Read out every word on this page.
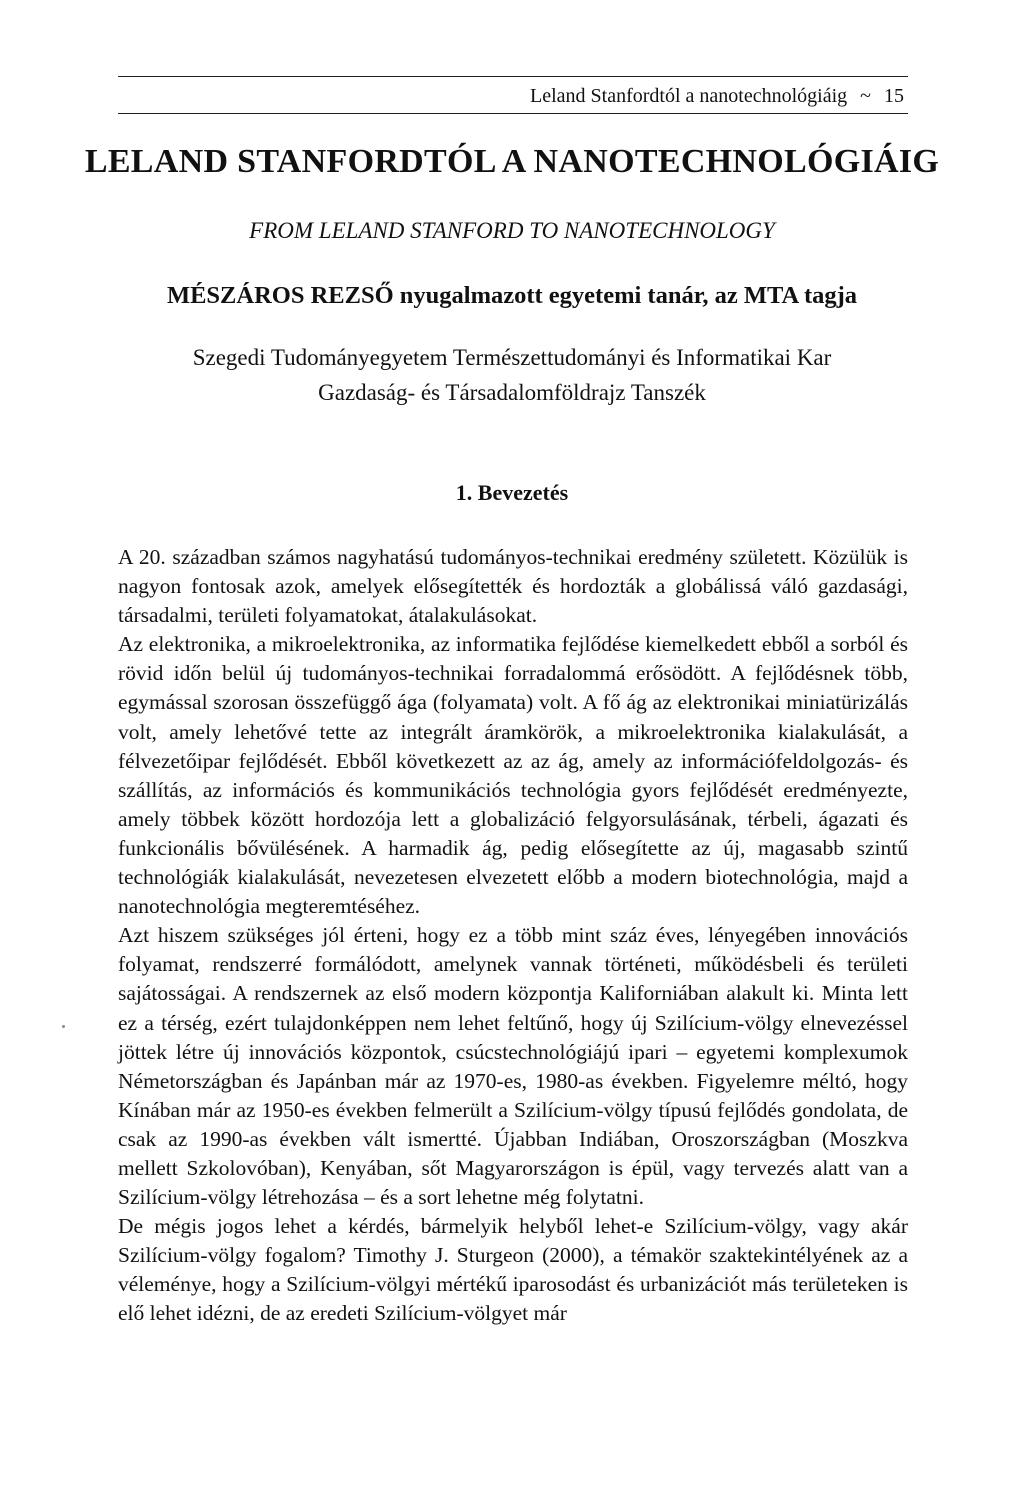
Leland Stanfordtól a nanotechnológiáig ~ 15
LELAND STANFORDTÓL A NANOTECHNOLÓGIÁIG
FROM LELAND STANFORD TO NANOTECHNOLOGY
MÉSZÁROS REZSŐ nyugalmazott egyetemi tanár, az MTA tagja
Szegedi Tudományegyetem Természettudományi és Informatikai Kar
Gazdaság- és Társadalomföldrajz Tanszék
1. Bevezetés

A 20. században számos nagyhatású tudományos-technikai eredmény született. Közülük is nagyon fontosak azok, amelyek elősegítették és hordozták a globálissá váló gazdasági, társadalmi, területi folyamatokat, átalakulásokat.

Az elektronika, a mikroelektronika, az informatika fejlődése kiemelkedett ebből a sorból és rövid időn belül új tudományos-technikai forradalommá erősödött. A fejlődésnek több, egymással szorosan összefüggő ága (folyamata) volt. A fő ág az elektronikai miniatürizálás volt, amely lehetővé tette az integrált áramkörök, a mikroelektronika kialakulását, a félvezetőipar fejlődését. Ebből következett az az ág, amely az információfeldolgozás- és szállítás, az információs és kommunikációs technológia gyors fejlődését eredményezte, amely többek között hordozója lett a globalizáció felgyorsulásának, térbeli, ágazati és funkcionális bővülésének. A harmadik ág, pedig elősegítette az új, magasabb szintű technológiák kialakulását, nevezetesen elvezetett előbb a modern biotechnológia, majd a nanotechnológia megteremtéséhez.

Azt hiszem szükséges jól érteni, hogy ez a több mint száz éves, lényegében innovációs folyamat, rendszerré formálódott, amelynek vannak történeti, működésbeli és területi sajátosságai. A rendszernek az első modern központja Kaliforniában alakult ki. Minta lett ez a térség, ezért tulajdonképpen nem lehet feltűnő, hogy új Szilícium-völgy elnevezéssel jöttek létre új innovációs központok, csúcstechnológiájú ipari – egyetemi komplexumok Németországban és Japánban már az 1970-es, 1980-as években. Figyelemre méltó, hogy Kínában már az 1950-es években felmerült a Szilícium-völgy típusú fejlődés gondolata, de csak az 1990-as években vált ismertté. Újabban Indiában, Oroszországban (Moszkva mellett Szkolovóban), Kenyában, sőt Magyarországon is épül, vagy tervezés alatt van a Szilícium-völgy létrehozása – és a sort lehetne még folytatni.

De mégis jogos lehet a kérdés, bármelyik helyből lehet-e Szilícium-völgy, vagy akár Szilícium-völgy fogalom? Timothy J. Sturgeon (2000), a témakör szaktekintélyének az a véleménye, hogy a Szilícium-völgyi mértékű iparosodást és urbanizációt más területeken is elő lehet idézni, de az eredeti Szilícium-völgyet már
